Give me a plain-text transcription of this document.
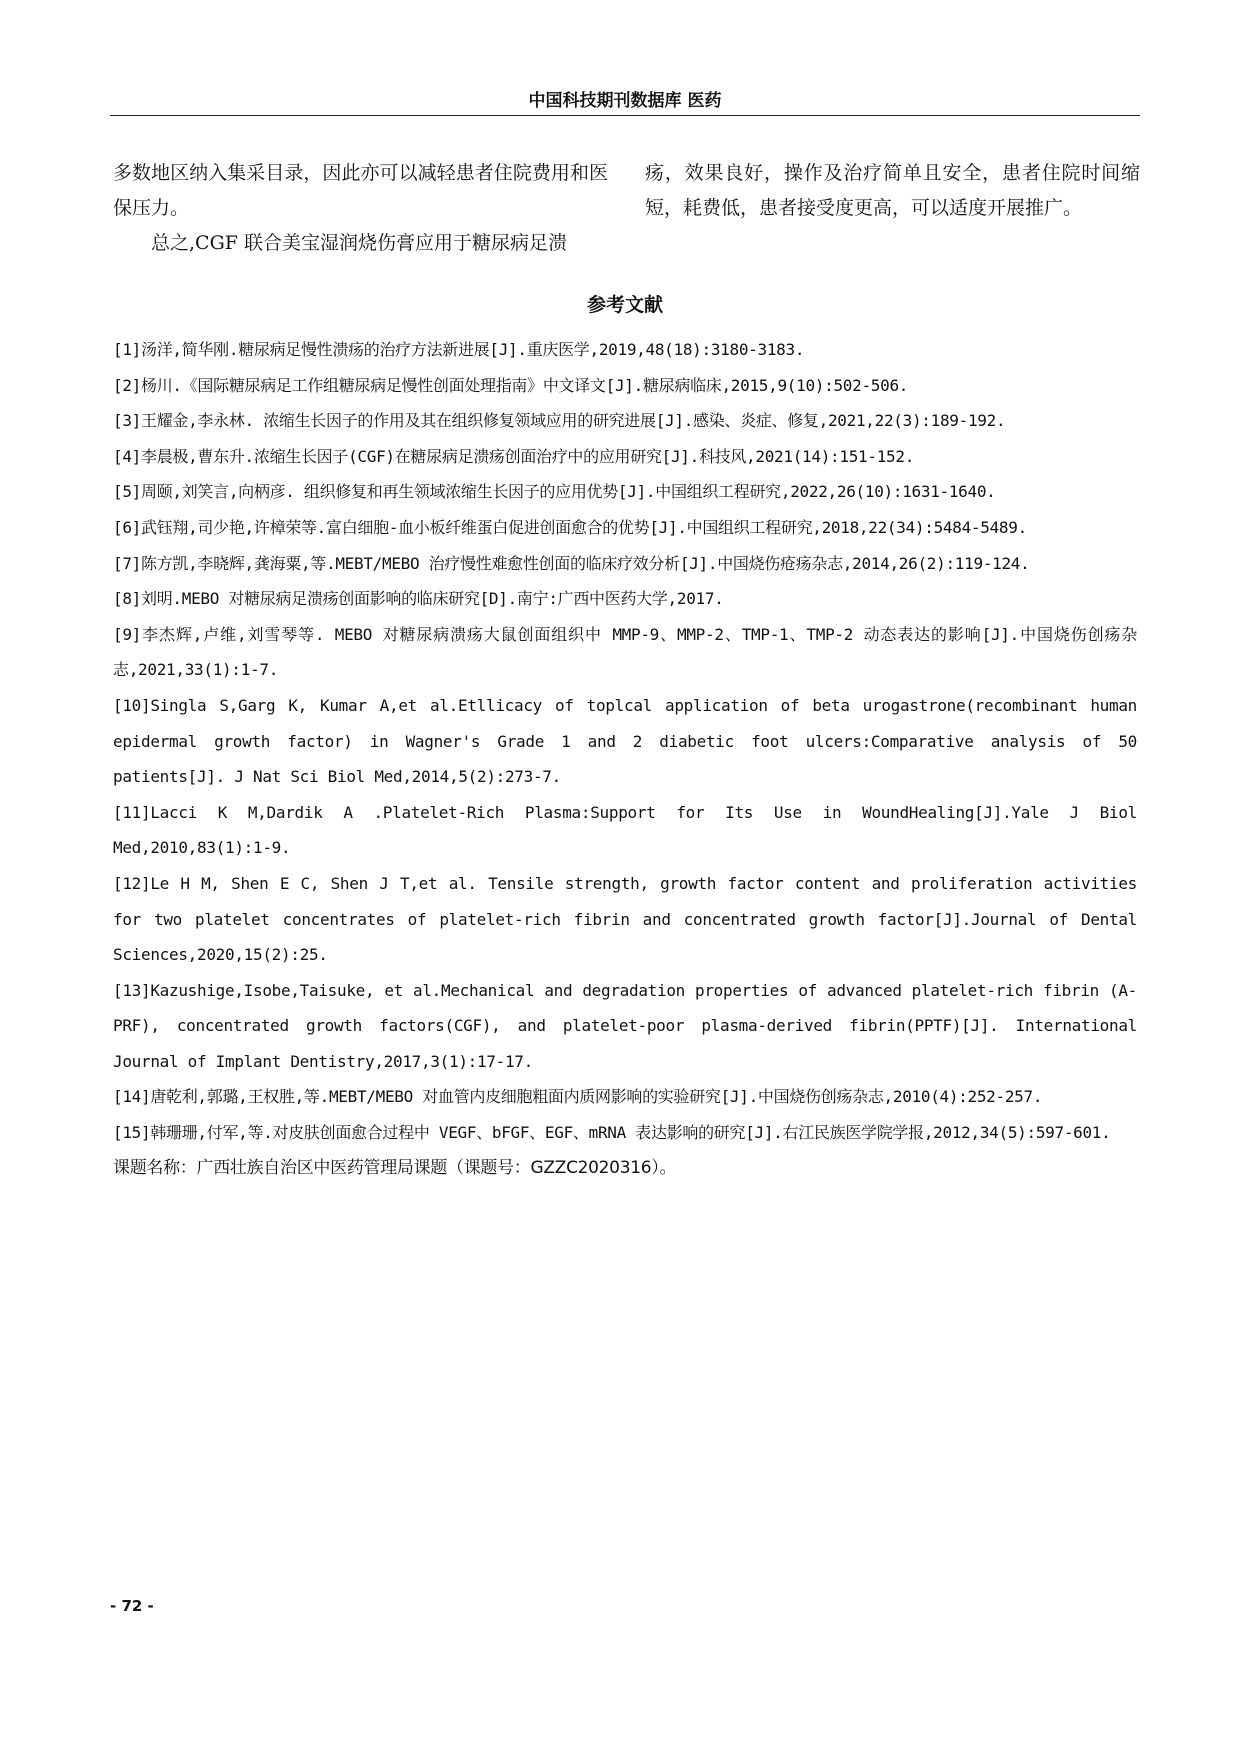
中国科技期刊数据库 医药

多数地区纳入集采目录，因此亦可以减轻患者住院费用和医保压力。

总之,CGF 联合美宝湿润烧伤膏应用于糖尿病足溃

疡，效果良好，操作及治疗简单且安全，患者住院时间缩短，耗费低，患者接受度更高，可以适度开展推广。

参考文献

[1]汤洋,简华刚.糖尿病足慢性溃疡的治疗方法新进展[J].重庆医学,2019,48(18):3180-3183.

[2]杨川.《国际糖尿病足工作组糖尿病足慢性创面处理指南》中文译文[J].糖尿病临床,2015,9(10):502-506.

[3]王耀金,李永林. 浓缩生长因子的作用及其在组织修复领域应用的研究进展[J].感染、炎症、修复,2021,22(3):189-192.

[4]李晨极,曹东升.浓缩生长因子(CGF)在糖尿病足溃疡创面治疗中的应用研究[J].科技风,2021(14):151-152.

[5]周颐,刘笑言,向柄彦. 组织修复和再生领域浓缩生长因子的应用优势[J].中国组织工程研究,2022,26(10):1631-1640.

[6]武钰翔,司少艳,许樟荣等.富白细胞-血小板纤维蛋白促进创面愈合的优势[J].中国组织工程研究,2018,22(34):5484-5489.

[7]陈方凯,李晓辉,龚海粟,等.MEBT/MEBO 治疗慢性难愈性创面的临床疗效分析[J].中国烧伤疮疡杂志,2014,26(2):119-124.

[8]刘明.MEBO 对糖尿病足溃疡创面影响的临床研究[D].南宁:广西中医药大学,2017.

[9]李杰辉,卢维,刘雪琴等. MEBO 对糖尿病溃疡大鼠创面组织中 MMP-9、MMP-2、TMP-1、TMP-2 动态表达的影响[J].中国烧伤创疡杂志,2021,33(1):1-7.

[10]Singla S,Garg K, Kumar A,et al.Etllicacy of toplcal application of beta urogastrone(recombinant human epidermal growth factor) in Wagner's Grade 1 and 2 diabetic foot ulcers:Comparative analysis of 50 patients[J]. J Nat Sci Biol Med,2014,5(2):273-7.

[11]Lacci K M,Dardik A .Platelet-Rich Plasma:Support for Its Use in WoundHealing[J].Yale J Biol Med,2010,83(1):1-9.

[12]Le H M, Shen E C, Shen J T,et al. Tensile strength, growth factor content and proliferation activities for two platelet concentrates of platelet-rich fibrin and concentrated growth factor[J].Journal of Dental Sciences,2020,15(2):25.

[13]Kazushige,Isobe,Taisuke, et al.Mechanical and degradation properties of advanced platelet-rich fibrin (A-PRF), concentrated growth factors(CGF), and platelet-poor plasma-derived fibrin(PPTF)[J]. International Journal of Implant Dentistry,2017,3(1):17-17.

[14]唐乾利,郭璐,王权胜,等.MEBT/MEBO 对血管内皮细胞粗面内质网影响的实验研究[J].中国烧伤创疡杂志,2010(4):252-257.

[15]韩珊珊,付军,等.对皮肤创面愈合过程中 VEGF、bFGF、EGF、mRNA 表达影响的研究[J].右江民族医学院学报,2012,34(5):597-601.

课题名称：广西壮族自治区中医药管理局课题（课题号：GZZC2020316）。

- 72 -
